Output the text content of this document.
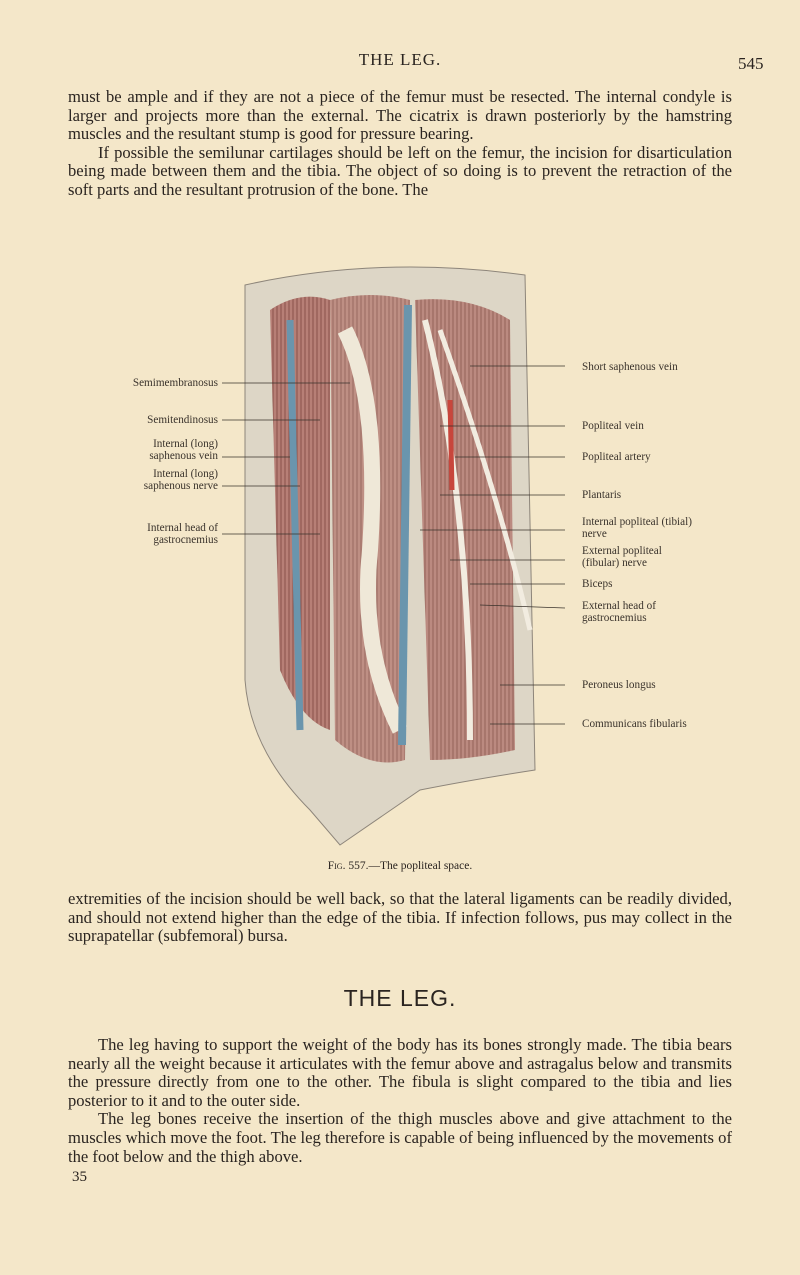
THE LEG.	545

must be ample and if they are not a piece of the femur must be resected. The internal condyle is larger and projects more than the external. The cicatrix is drawn posteriorly by the hamstring muscles and the resultant stump is good for pressure bearing.

If possible the semilunar cartilages should be left on the femur, the incision for disarticulation being made between them and the tibia. The object of so doing is to prevent the retraction of the soft parts and the resultant protrusion of the bone. The

Semimembranosus
Semitendinosus
Internal (long) saphenous vein
Internal (long) saphenous nerve
Internal head of gastrocnemius
Short saphenous vein
Popliteal vein
Popliteal artery
Plantaris
Internal popliteal (tibial) nerve
External popliteal (fibular) nerve
Biceps
External head of gastrocnemius
Peroneus longus
Communicans fibularis
Fig. 557.—The popliteal space.

extremities of the incision should be well back, so that the lateral ligaments can be readily divided, and should not extend higher than the edge of the tibia. If infection follows, pus may collect in the suprapatellar (subfemoral) bursa.

THE LEG.

The leg having to support the weight of the body has its bones strongly made. The tibia bears nearly all the weight because it articulates with the femur above and astragalus below and transmits the pressure directly from one to the other. The fibula is slight compared to the tibia and lies posterior to it and to the outer side.

The leg bones receive the insertion of the thigh muscles above and give attachment to the muscles which move the foot. The leg therefore is capable of being influenced by the movements of the foot below and the thigh above.

35
